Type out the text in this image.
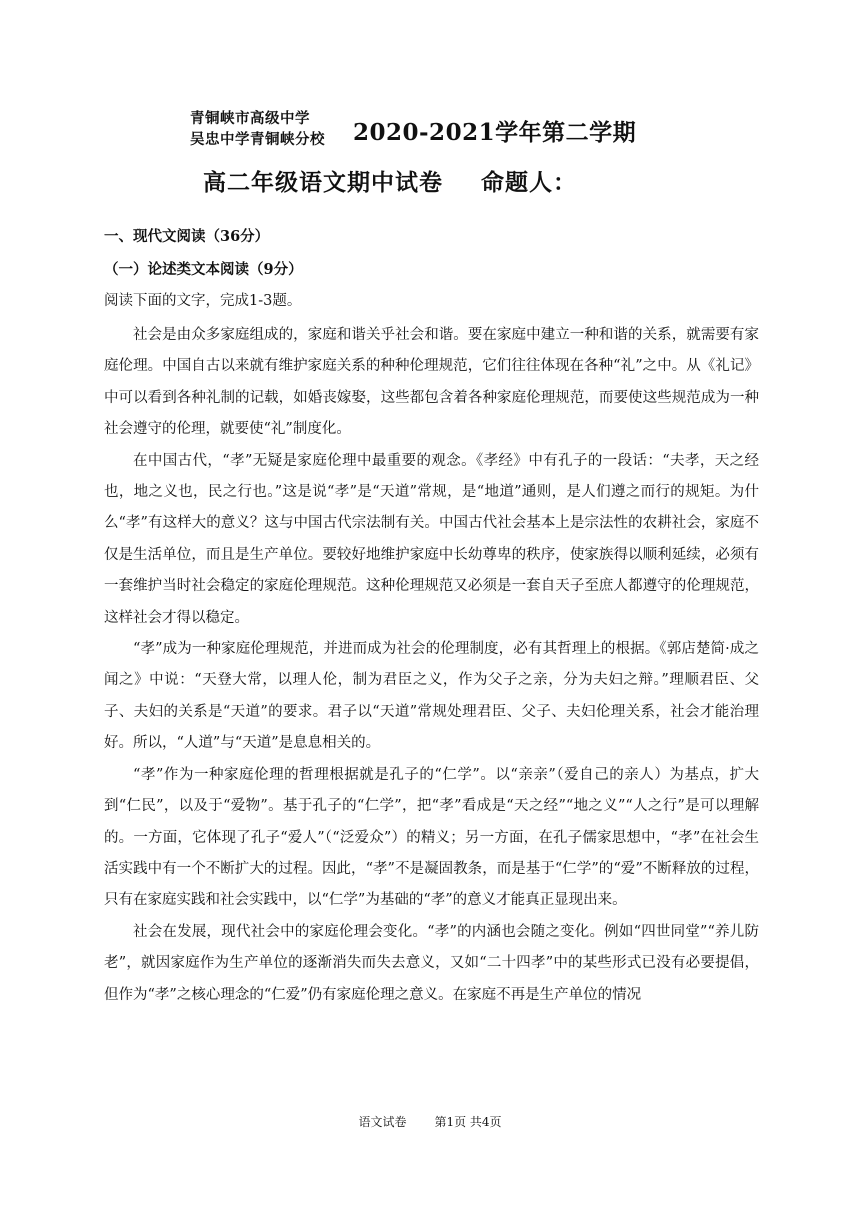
青铜峡市高级中学
吴忠中学青铜峡分校 2020-2021学年第二学期
高二年级语文期中试卷 命题人：
一、现代文阅读（36分）
（一）论述类文本阅读（9分）
阅读下面的文字，完成1-3题。

社会是由众多家庭组成的，家庭和谐关乎社会和谐。要在家庭中建立一种和谐的关系，就需要有家庭伦理。中国自古以来就有维护家庭关系的种种伦理规范，它们往往体现在各种“礼”之中。从《礼记》中可以看到各种礼制的记载，如婚丧嫁娶，这些都包含着各种家庭伦理规范，而要使这些规范成为一种社会遵守的伦理，就要使“礼”制度化。

在中国古代，“孝”无疑是家庭伦理中最重要的观念。《孝经》中有孔子的一段话：“夫孝，天之经也，地之义也，民之行也。”这是说“孝”是“天道”常规，是“地道”通则，是人们遵之而行的规矩。为什么“孝”有这样大的意义？这与中国古代宗法制有关。中国古代社会基本上是宗法性的农耕社会，家庭不仅是生活单位，而且是生产单位。要较好地维护家庭中长幼尊卑的秩序，使家族得以顺利延续，必须有一套维护当时社会稳定的家庭伦理规范。这种伦理规范又必须是一套自天子至庶人都遵守的伦理规范，这样社会才得以稳定。

“孝”成为一种家庭伦理规范，并进而成为社会的伦理制度，必有其哲理上的根据。《郭店楚简·成之闻之》中说：“天登大常，以理人伦，制为君臣之义，作为父子之亲，分为夫妇之辩。”理顺君臣、父子、夫妇的关系是“天道”的要求。君子以“天道”常规处理君臣、父子、夫妇伦理关系，社会才能治理好。所以，“人道”与“天道”是息息相关的。

“孝”作为一种家庭伦理的哲理根据就是孔子的“仁学”。以“亲亲”（爱自己的亲人）为基点，扩大到“仁民”，以及于“爱物”。基于孔子的“仁学”，把“孝”看成是“天之经”“地之义”“人之行”是可以理解的。一方面，它体现了孔子“爱人”（“泛爱众”）的精义；另一方面，在孔子儒家思想中，“孝”在社会生活实践中有一个不断扩大的过程。因此，“孝”不是凝固教条，而是基于“仁学”的“爱”不断释放的过程，只有在家庭实践和社会实践中，以“仁学”为基础的“孝”的意义才能真正显现出来。

社会在发展，现代社会中的家庭伦理会变化。“孝”的内涵也会随之变化。例如“四世同堂”“养儿防老”，就因家庭作为生产单位的逐渐消失而失去意义，又如“二十四孝”中的某些形式已没有必要提倡，但作为“孝”之核心理念的“仁爱”仍有家庭伦理之意义。在家庭不再是生产单位的情况

语文试卷 第1页 共4页
